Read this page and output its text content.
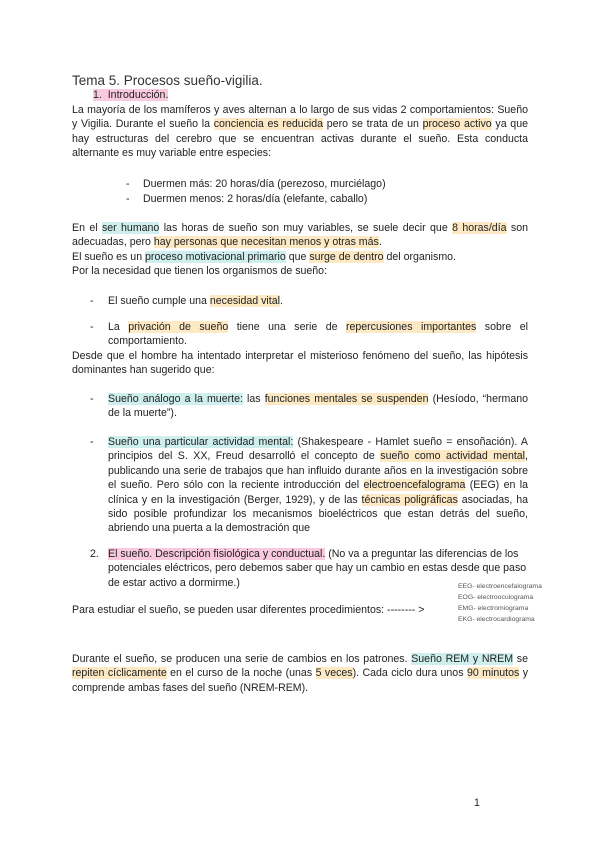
Tema 5. Procesos sueño-vigilia.
1. Introducción.
La mayoría de los mamíferos y aves alternan a lo largo de sus vidas 2 comportamientos: Sueño y Vigilia. Durante el sueño la conciencia es reducida pero se trata de un proceso activo ya que hay estructuras del cerebro que se encuentran activas durante el sueño. Esta conducta alternante es muy variable entre especies:
- Duermen más: 20 horas/día (perezoso, murciélago)
- Duermen menos: 2 horas/día (elefante, caballo)
En el ser humano las horas de sueño son muy variables, se suele decir que 8 horas/día son adecuadas, pero hay personas que necesitan menos y otras más.
El sueño es un proceso motivacional primario que surge de dentro del organismo.
Por la necesidad que tienen los organismos de sueño:
- El sueño cumple una necesidad vital.
- La privación de sueño tiene una serie de repercusiones importantes sobre el comportamiento.
Desde que el hombre ha intentado interpretar el misterioso fenómeno del sueño, las hipótesis dominantes han sugerido que:
- Sueño análogo a la muerte: las funciones mentales se suspenden (Hesíodo, “hermano de la muerte”).
- Sueño una particular actividad mental: (Shakespeare - Hamlet sueño = ensoñación). A principios del S. XX, Freud desarrolló el concepto de sueño como actividad mental, publicando una serie de trabajos que han influido durante años en la investigación sobre el sueño. Pero sólo con la reciente introducción del electroencefalograma (EEG) en la clínica y en la investigación (Berger, 1929), y de las técnicas poligráficas asociadas, ha sido posible profundizar los mecanismos bioeléctricos que estan detrás del sueño, abriendo una puerta a la demostración que
2. El sueño. Descripción fisiológica y conductual. (No va a preguntar las diferencias de los potenciales eléctricos, pero debemos saber que hay un cambio en estas desde que paso de estar activo a dormirme.)
Para estudiar el sueño, se pueden usar diferentes procedimientos: -------- >
EEG- electroencefalograma
EOG- electrooculograma
EMG- electromiograma
EKG- electrocardiograma
Durante el sueño, se producen una serie de cambios en los patrones. Sueño REM y NREM se repiten cíclicamente en el curso de la noche (unas 5 veces). Cada ciclo dura unos 90 minutos y comprende ambas fases del sueño (NREM-REM).
1
